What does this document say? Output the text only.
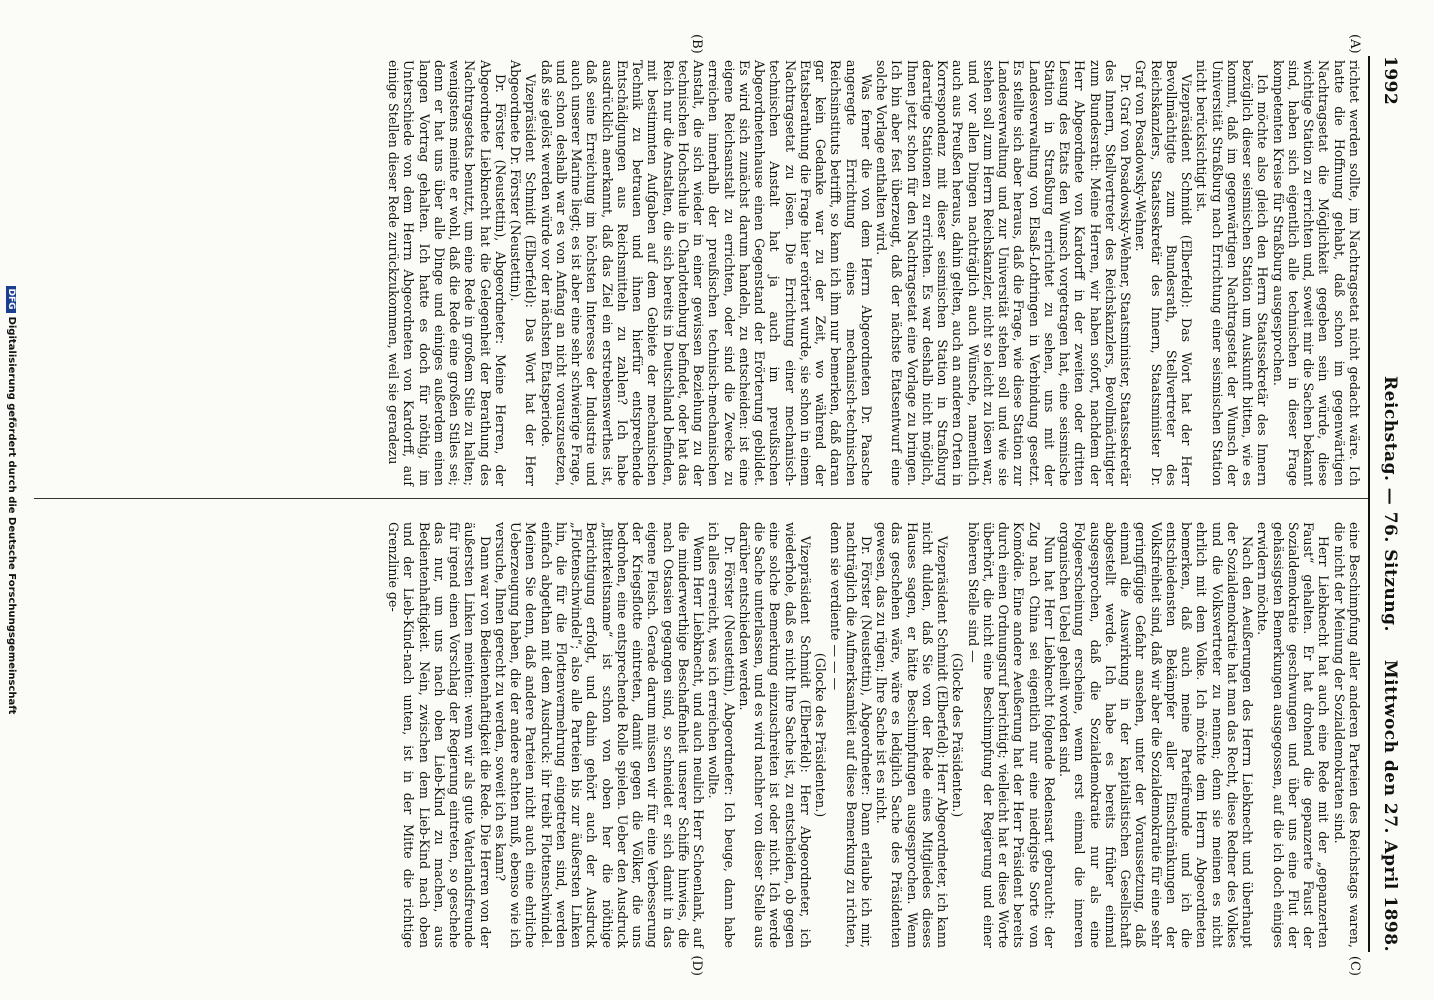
1992
Reichstag. — 76. Sitzung.
Mittwoch den 27. April 1898.
(A)
(B)
(C)
(D)

richtet werden sollte, im Nachtragsetat nicht gedacht wäre. Ich hatte die Hoffnung gehabt, daß schon im gegenwärtigen Nachtragsetat die Möglichkeit gegeben sein würde, diese wichtige Station zu errichten und, soweit mir die Sachen bekannt sind, haben sich eigentlich alle technischen in dieser Frage kompetenten Kreise für Straßburg ausgesprochen.

Ich möchte also gleich den Herrn Staatssekretär des Innern bezüglich dieser seismischen Station um Auskunft bitten, wie es kommt, daß im gegenwärtigen Nachtragsetat der Wunsch der Universität Straßburg nach Errichtung einer seismischen Station nicht berücksichtigt ist.

Vizepräsident Schmidt (Elberfeld): Das Wort hat der Herr Bevollmächtigte zum Bundesrath, Stellvertreter des Reichskanzlers, Staatssekretär des Innern, Staatsminister Dr. Graf von Posadowsky-Wehner.

Dr. Graf von Posadowsky-Wehner, Staatsminister, Staatssekretär des Innern, Stellvertreter des Reichskanzlers, Bevollmächtigter zum Bundesrath: Meine Herren, wir haben sofort, nachdem der Herr Abgeordnete von Kardorff in der zweiten oder dritten Lesung des Etats den Wunsch vorgetragen hat, eine seismische Station in Straßburg errichtet zu sehen, uns mit der Landesverwaltung von Elsaß-Lothringen in Verbindung gesetzt. Es stellte sich aber heraus, daß die Frage, wie diese Station zur Landesverwaltung und zur Universität stehen soll und wie sie stehen soll zum Herrn Reichskanzler, nicht so leicht zu lösen war, und vor allen Dingen nachträglich auch Wünsche, namentlich auch aus Preußen heraus, dahin gelten, auch an anderen Orten in Korrespondenz mit dieser seismischen Station in Straßburg derartige Stationen zu errichten. Es war deshalb nicht möglich, Ihnen jetzt schon für den Nachtragsetat eine Vorlage zu bringen. Ich bin aber fest überzeugt, daß der nächste Etatsentwurf eine solche Vorlage enthalten wird.

Was ferner die von dem Herrn Abgeordneten Dr. Paasche angeregte Errichtung eines mechanisch-technischen Reichsinstituts betrifft, so kann ich ihm nur bemerken, daß daran gar kein Gedanke war zu der Zeit, wo während der Etatsberathung die Frage hier erörtert wurde, sie schon in einem Nachtragsetat zu lösen. Die Errichtung einer mechanisch-technischen Anstalt hat ja auch im preußischen Abgeordnetenhause einen Gegenstand der Erörterung gebildet. Es wird sich zunächst darum handeln, zu entscheiden: ist eine eigene Reichsanstalt zu errichten, oder sind die Zwecke zu erreichen innerhalb der preußischen technisch-mechanischen Anstalt, die sich wieder in einer gewissen Beziehung zu der technischen Hochschule in Charlottenburg befindet, oder hat das Reich nur die Anstalten, die sich bereits in Deutschland befinden, mit bestimmten Aufgaben auf dem Gebiete der mechanischen Technik zu betrauen und ihnen hierfür entsprechende Entschädigungen aus Reichsmitteln zu zahlen? Ich habe ausdrücklich anerkannt, daß das Ziel ein erstrebenswerthes ist, daß seine Erreichung im höchsten Interesse der Industrie und auch unserer Marine liegt; es ist aber eine sehr schwierige Frage, und schon deshalb war es von Anfang an nicht vorauszusetzen, daß sie gelöst werden würde vor der nächsten Etatsperiode.

Vizepräsident Schmidt (Elberfeld): Das Wort hat der Herr Abgeordnete Dr. Förster (Neustettin).

Dr. Förster (Neustettin), Abgeordneter: Meine Herren, der Abgeordnete Liebknecht hat die Gelegenheit der Berathung des Nachtragsetats benutzt, um eine Rede in großem Stile zu halten; wenigstens meinte er wohl, daß die Rede eine großen Stiles sei; denn er hat uns über alle Dinge und einiges außerdem einen langen Vortrag gehalten. Ich hatte es doch für nöthig, im Unterschiede von dem Herrn Abgeordneten von Kardorff, auf einige Stellen dieser Rede zurückzukommen, weil sie geradezu

eine Beschimpfung aller anderen Parteien des Reichstags waren, die nicht der Meinung der Sozialdemokraten sind.

Herr Liebknecht hat auch eine Rede mit der „gepanzerten Faust“ gehalten. Er hat drohend die gepanzerte Faust der Sozialdemokratie geschwungen und über uns eine Flut der gehässigsten Bemerkungen ausgegossen, auf die ich doch einiges erwidern möchte.

Nach den Aeußerungen des Herrn Liebknecht und überhaupt der Sozialdemokratie hat man das Recht, diese Redner des Volkes und die Volksvertreter zu nennen; denn sie meinen es nicht ehrlich mit dem Volke. Ich möchte dem Herrn Abgeordneten bemerken, daß auch meine Parteifreunde und ich die entschiedensten Bekämpfer aller Einschränkungen der Volksfreiheit sind, daß wir aber die Sozialdemokratie für eine sehr geringfügige Gefahr ansehen, unter der Voraussetzung, daß einmal die Auswirkung in der kapitalistischen Gesellschaft abgestellt werde. Ich habe es bereits früher einmal ausgesprochen, daß die Sozialdemokratie nur als eine Folgeerscheinung erscheine, wenn erst einmal die inneren organischen Uebel geheilt worden sind.

Nun hat Herr Liebknecht folgende Redensart gebraucht: der Zug nach China sei eigentlich nur eine niedrigste Sorte von Komödie. Eine andere Aeußerung hat der Herr Präsident bereits durch einen Ordnungsruf berichtigt; vielleicht hat er diese Worte überhört, die nicht eine Beschimpfung der Regierung und einer höheren Stelle sind —

(Glocke des Präsidenten.)

Vizepräsident Schmidt (Elberfeld): Herr Abgeordneter, ich kann nicht dulden, daß Sie von der Rede eines Mitgliedes dieses Hauses sagen, er hätte Beschimpfungen ausgesprochen. Wenn das geschehen wäre, wäre es lediglich Sache des Präsidenten gewesen, das zu rügen; Ihre Sache ist es nicht.

Dr. Förster (Neustettin), Abgeordneter: Dann erlaube ich mir, nachträglich die Aufmerksamkeit auf diese Bemerkung zu richten, denn sie verdiente — — —

(Glocke des Präsidenten.)

Vizepräsident Schmidt (Elberfeld): Herr Abgeordneter, ich wiederhole, daß es nicht Ihre Sache ist, zu entscheiden, ob gegen eine solche Bemerkung einzuschreiten ist oder nicht. Ich werde die Sache unterlassen, und es wird nachher von dieser Stelle aus darüber entschieden werden.

Dr. Förster (Neustettin), Abgeordneter: Ich beuge, dann habe ich alles erreicht, was ich erreichen wollte.

Wenn Herr Liebknecht, und auch neulich Herr Schoenlank, auf die minderwerthige Beschaffenheit unserer Schiffe hinwies, die nach Ostasien gegangen sind, so schneidet er sich damit in das eigene Fleisch. Gerade darum müssen wir für eine Verbesserung der Kriegsflotte eintreten, damit gegen die Völker, die uns bedrohen, eine entsprechende Rolle spielen. Ueber den Ausdruck „Bitterkeitsname“ ist schon von oben her die nöthige Berichtigung erfolgt, und dahin gehört auch der Ausdruck „Flottenschwindel“; also alle Parteien bis zur äußersten Linken hin, die für die Flottenvermehrung eingetreten sind, werden einfach abgethan mit dem Ausdruck: ihr treibt Flottenschwindel. Meinen Sie denn, daß andere Parteien nicht auch eine ehrliche Ueberzeugung haben, die der andere achten muß, ebenso wie ich versuche, Ihnen gerecht zu werden, soweit ich es kann?

Dann war von Bedientenhaftigkeit die Rede. Die Herren von der äußersten Linken meinten: wenn wir als gute Vaterlandsfreunde für irgend einen Vorschlag der Regierung eintreten, so geschehe das nur, um uns nach oben Lieb-Kind zu machen, aus Bedientenhaftigkeit. Nein, zwischen dem Lieb-Kind nach oben und der Lieb-Kind-nach unten, ist in der Mitte die richtige Grenzlinie ge-

DFGDigitalisierung gefördert durch die Deutsche Forschungsgemeinschaft
